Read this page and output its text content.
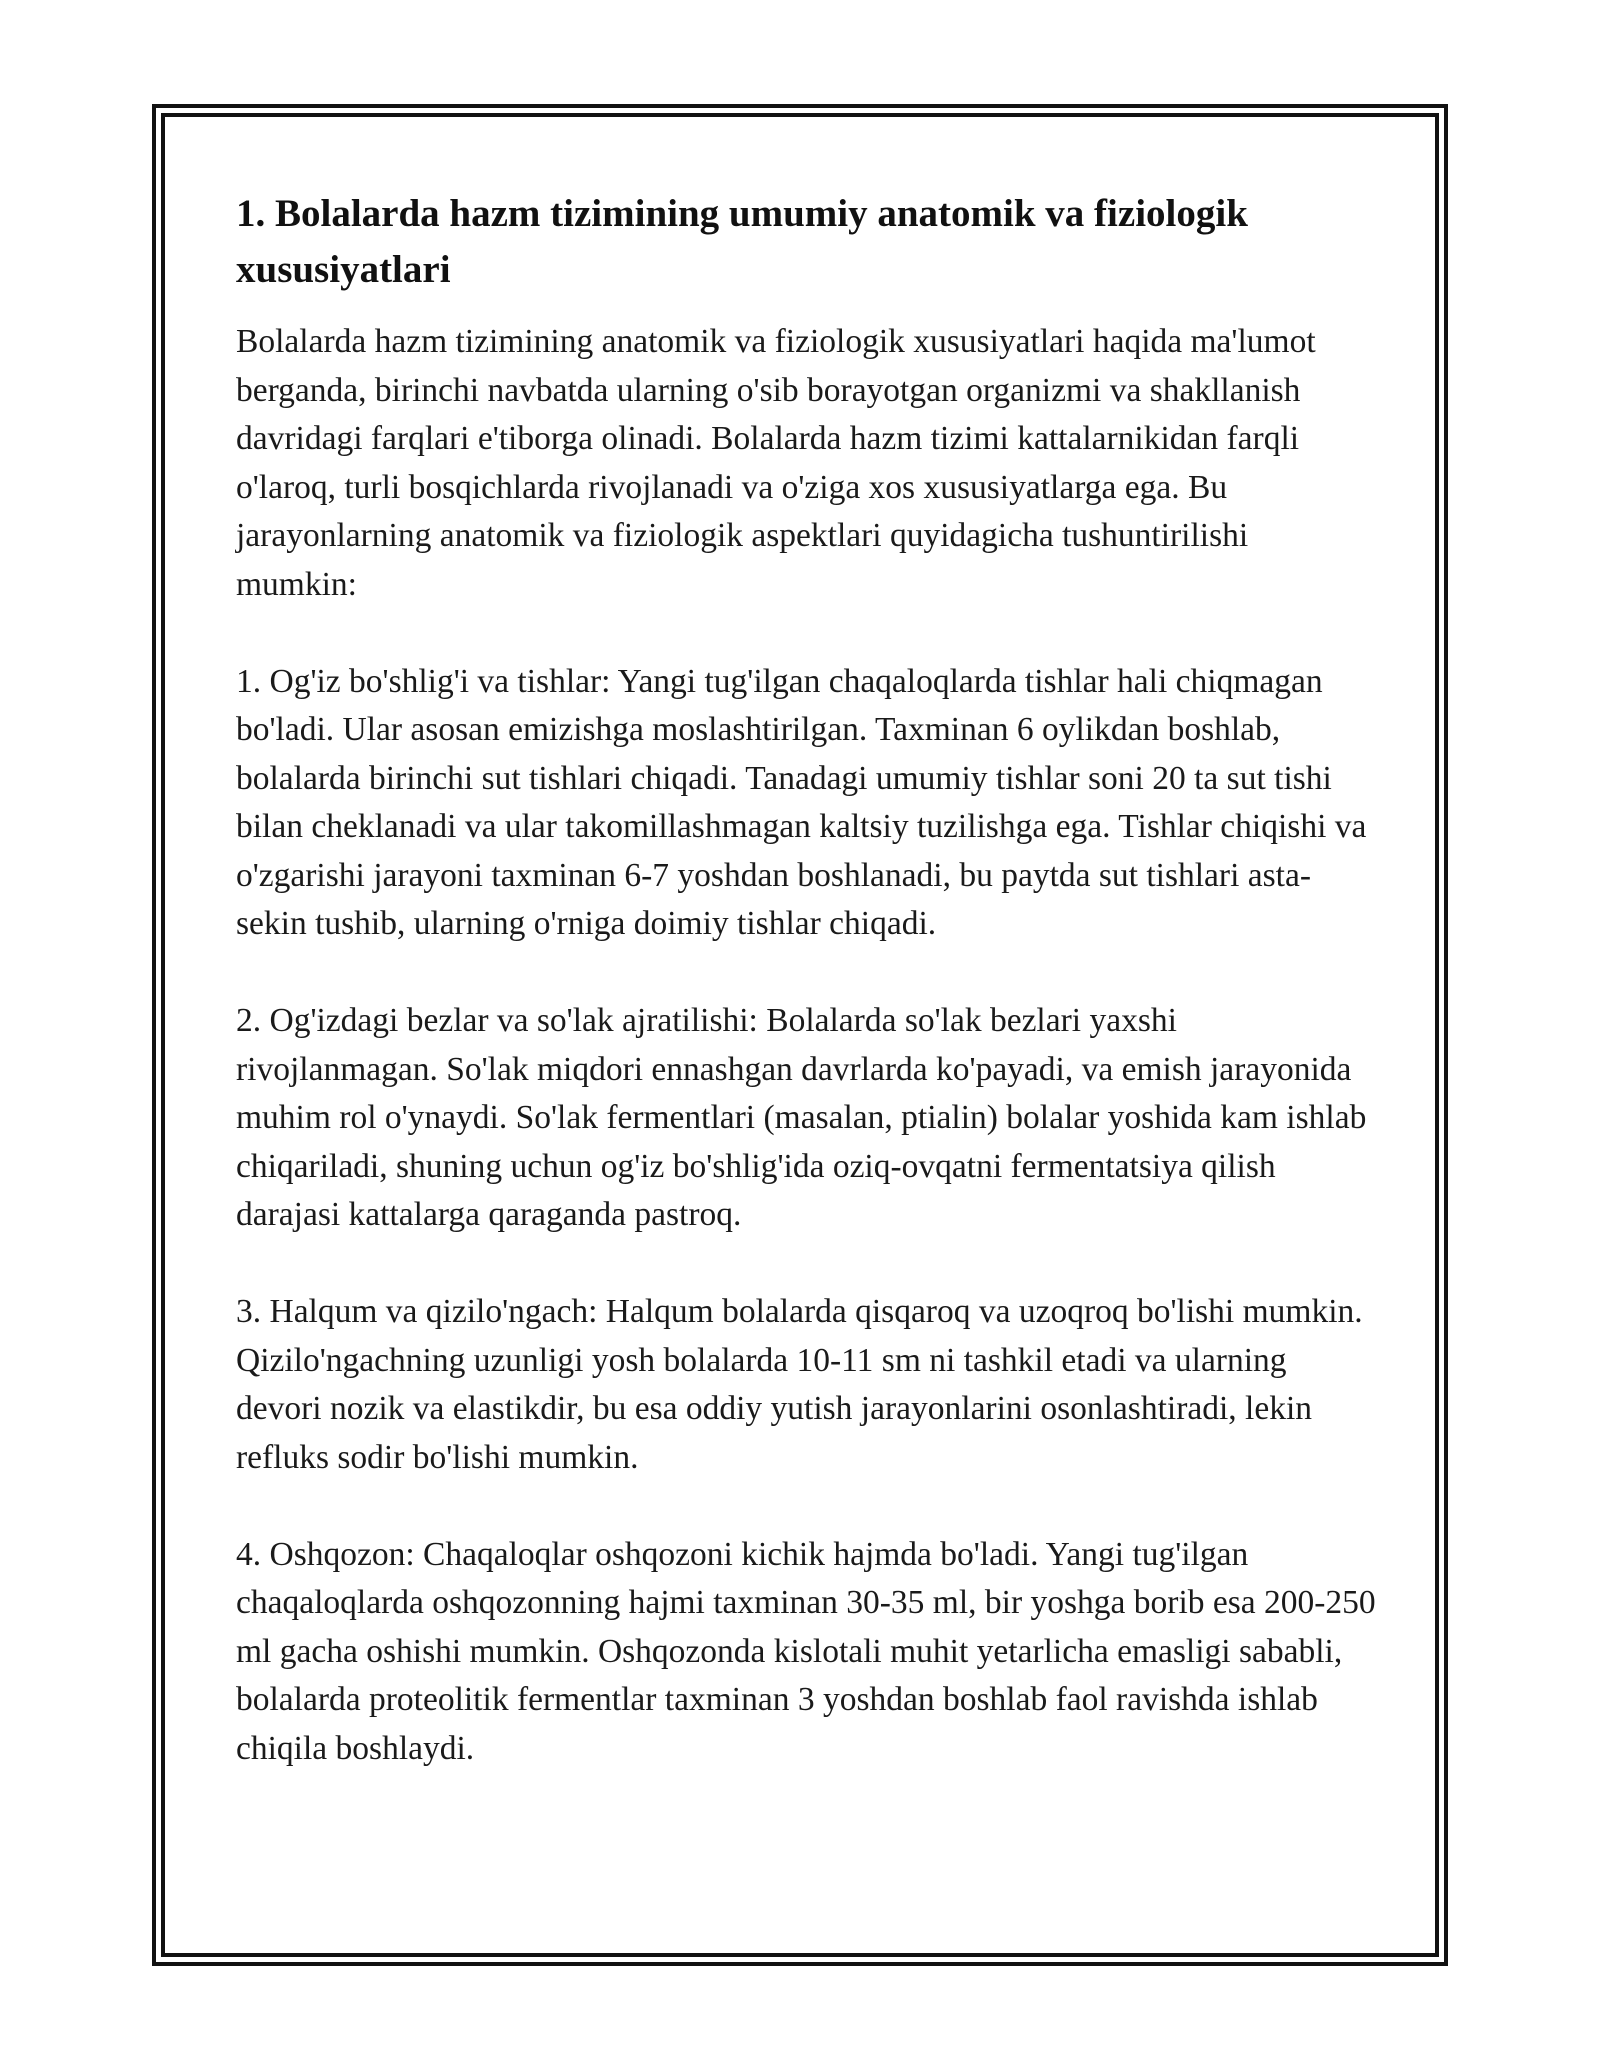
1. Bolalarda hazm tizimining umumiy anatomik va fiziologik xususiyatlari

Bolalarda hazm tizimining anatomik va fiziologik xususiyatlari haqida ma'lumot berganda, birinchi navbatda ularning o'sib borayotgan organizmi va shakllanish davridagi farqlari e'tiborga olinadi. Bolalarda hazm tizimi kattalarnikidan farqli o'laroq, turli bosqichlarda rivojlanadi va o'ziga xos xususiyatlarga ega. Bu jarayonlarning anatomik va fiziologik aspektlari quyidagicha tushuntirilishi mumkin:

1. Og'iz bo'shlig'i va tishlar: Yangi tug'ilgan chaqaloqlarda tishlar hali chiqmagan bo'ladi. Ular asosan emizishga moslashtirilgan. Taxminan 6 oylikdan boshlab, bolalarda birinchi sut tishlari chiqadi. Tanadagi umumiy tishlar soni 20 ta sut tishi bilan cheklanadi va ular takomillashmagan kaltsiy tuzilishga ega. Tishlar chiqishi va o'zgarishi jarayoni taxminan 6-7 yoshdan boshlanadi, bu paytda sut tishlari asta-sekin tushib, ularning o'rniga doimiy tishlar chiqadi.

2. Og'izdagi bezlar va so'lak ajratilishi: Bolalarda so'lak bezlari yaxshi rivojlanmagan. So'lak miqdori ennashgan davrlarda ko'payadi, va emish jarayonida muhim rol o'ynaydi. So'lak fermentlari (masalan, ptialin) bolalar yoshida kam ishlab chiqariladi, shuning uchun og'iz bo'shlig'ida oziq-ovqatni fermentatsiya qilish darajasi kattalarga qaraganda pastroq.

3. Halqum va qizilo'ngach: Halqum bolalarda qisqaroq va uzoqroq bo'lishi mumkin. Qizilo'ngachning uzunligi yosh bolalarda 10-11 sm ni tashkil etadi va ularning devori nozik va elastikdir, bu esa oddiy yutish jarayonlarini osonlashtiradi, lekin refluks sodir bo'lishi mumkin.

4. Oshqozon: Chaqaloqlar oshqozoni kichik hajmda bo'ladi. Yangi tug'ilgan chaqaloqlarda oshqozonning hajmi taxminan 30-35 ml, bir yoshga borib esa 200-250 ml gacha oshishi mumkin. Oshqozonda kislotali muhit yetarlicha emasligi sababli, bolalarda proteolitik fermentlar taxminan 3 yoshdan boshlab faol ravishda ishlab chiqila boshlaydi.
